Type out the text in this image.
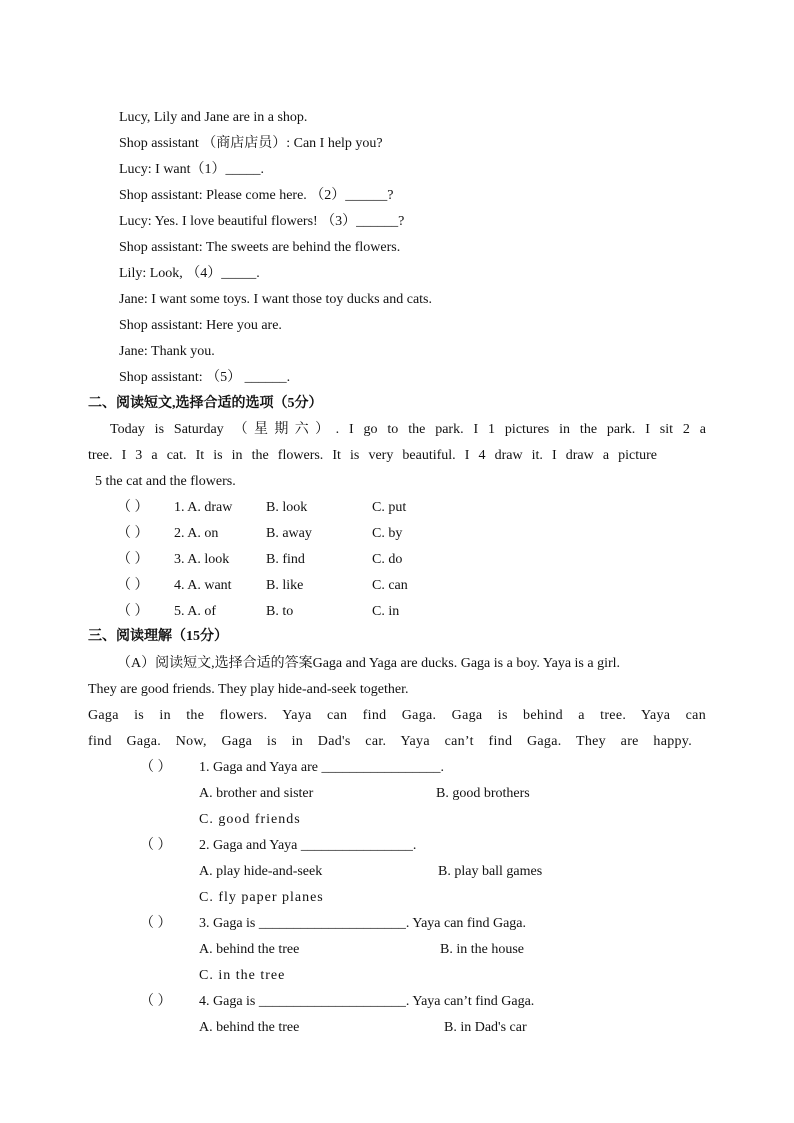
Lucy, Lily and Jane are in a shop.
Shop assistant （商店店员）: Can I help you?
Lucy: I want（1）_____.
Shop assistant: Please come here. （2）______?
Lucy: Yes. I love beautiful flowers! （3）______?
Shop assistant: The sweets are behind the flowers.
Lily: Look, （4）_____.
Jane: I want some toys. I want those toy ducks and cats.
Shop assistant: Here you are.
Jane: Thank you.
Shop assistant: （5） ______.
二、阅读短文,选择合适的选项（5分）
Today is Saturday （星期六）. I go to the park. I 1 pictures in the park. I sit 2 a
tree. I 3 a cat. It is in the flowers. It is very beautiful. I 4 draw it. I draw a picture
5 the cat and the flowers.
（ ） 1. A. draw B. look	C. put
（ ） 2. A. on	B. away	C. by
（ ） 3. A. look	B. find	C. do
（ ） 4. A. want B. like	C. can
（ ） 5. A. of	B. to	C. in
三、阅读理解（15分）
（A）阅读短文,选择合适的答案Gaga and Yaga are ducks. Gaga is a boy. Yaya is a girl.
They are good friends. They play hide-and-seek together.
Gaga is in the flowers. Yaya can find Gaga. Gaga is behind a tree. Yaya can
find Gaga. Now, Gaga is in Dad's car. Yaya can’t find Gaga. They are happy.
（ ） 1. Gaga and Yaya are _________________.
A. brother and sister	B. good brothers
C. good friends
（ ） 2. Gaga and Yaya ________________.
A. play hide-and-seek	B. play ball games
C. fly paper planes
（ ） 3. Gaga is _____________________. Yaya can find Gaga.
A. behind the tree	B. in the house
C. in the tree
（ ） 4. Gaga is _____________________. Yaya can’t find Gaga.
A. behind the tree	B. in Dad's car
